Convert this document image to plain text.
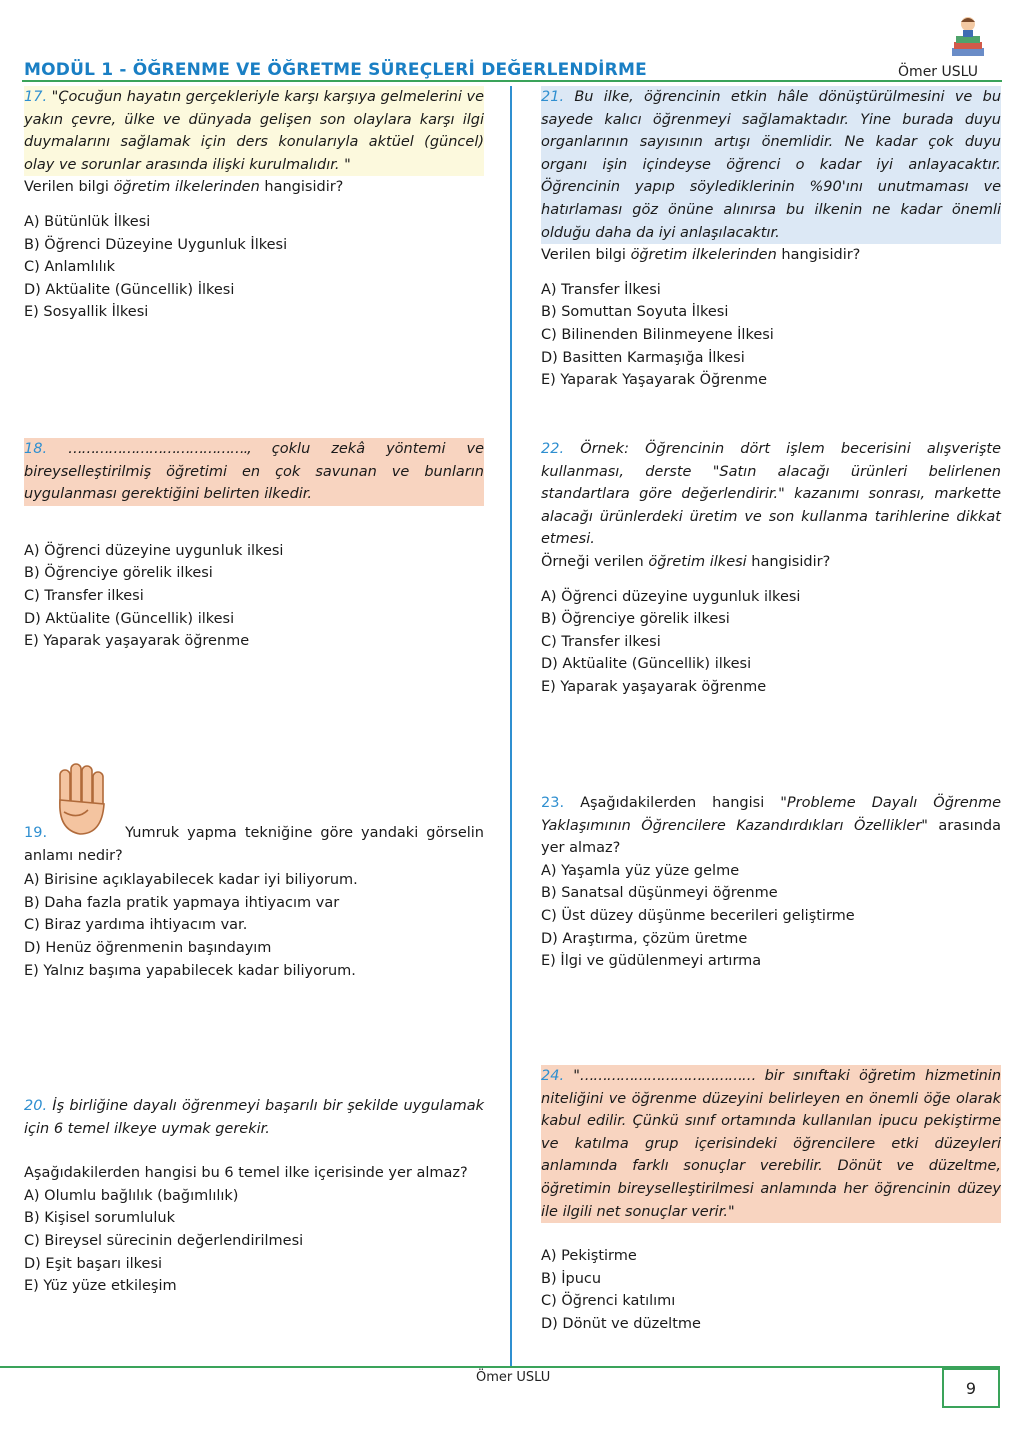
MODÜL 1 - ÖĞRENME VE ÖĞRETME SÜREÇLERİ DEĞERLENDİRME	Ömer USLU
17. "Çocuğun hayatın gerçekleriyle karşı karşıya gelmelerini ve yakın çevre, ülke ve dünyada gelişen son olaylara karşı ilgi duymalarını sağlamak için ders konularıyla aktüel (güncel) olay ve sorunlar arasında ilişki kurulmalıdır. "
Verilen bilgi öğretim ilkelerinden hangisidir?
A) Bütünlük İlkesi
B) Öğrenci Düzeyine Uygunluk İlkesi
C) Anlamlılık
D) Aktüalite (Güncellik) İlkesi
E) Sosyallik İlkesi
18. …………………………………., çoklu zekâ yöntemi ve bireyselleştirilmiş öğretimi en çok savunan ve bunların uygulanması gerektiğini belirten ilkedir.
A) Öğrenci düzeyine uygunluk ilkesi
B) Öğrenciye görelik ilkesi
C) Transfer ilkesi
D) Aktüalite (Güncellik) ilkesi
E) Yaparak yaşayarak öğrenme
19.	Yumruk yapma tekniğine göre yandaki görselin anlamı nedir?
A) Birisine açıklayabilecek kadar iyi biliyorum.
B) Daha fazla pratik yapmaya ihtiyacım var
C) Biraz yardıma ihtiyacım var.
D) Henüz öğrenmenin başındayım
E) Yalnız başıma yapabilecek kadar biliyorum.
20. İş birliğine dayalı öğrenmeyi başarılı bir şekilde uygulamak için 6 temel ilkeye uymak gerekir.
Aşağıdakilerden hangisi bu 6 temel ilke içerisinde yer almaz?
A) Olumlu bağlılık (bağımlılık)
B) Kişisel sorumluluk
C) Bireysel sürecinin değerlendirilmesi
D) Eşit başarı ilkesi
E) Yüz yüze etkileşim
21. Bu ilke, öğrencinin etkin hâle dönüştürülmesini ve bu sayede kalıcı öğrenmeyi sağlamaktadır. Yine burada duyu organlarının sayısının artışı önemlidir. Ne kadar çok duyu organı işin içindeyse öğrenci o kadar iyi anlayacaktır. Öğrencinin yapıp söylediklerinin %90'ını unutmaması ve hatırlaması göz önüne alınırsa bu ilkenin ne kadar önemli olduğu daha da iyi anlaşılacaktır.
Verilen bilgi öğretim ilkelerinden hangisidir?
A) Transfer İlkesi
B) Somuttan Soyuta İlkesi
C) Bilinenden Bilinmeyene İlkesi
D) Basitten Karmaşığa İlkesi
E) Yaparak Yaşayarak Öğrenme
22. Örnek: Öğrencinin dört işlem becerisini alışverişte kullanması, derste "Satın alacağı ürünleri belirlenen standartlara göre değerlendirir." kazanımı sonrası, markette alacağı ürünlerdeki üretim ve son kullanma tarihlerine dikkat etmesi.
Örneği verilen öğretim ilkesi hangisidir?
A) Öğrenci düzeyine uygunluk ilkesi
B) Öğrenciye görelik ilkesi
C) Transfer ilkesi
D) Aktüalite (Güncellik) ilkesi
E) Yaparak yaşayarak öğrenme
23. Aşağıdakilerden hangisi "Probleme Dayalı Öğrenme Yaklaşımının Öğrencilere Kazandırdıkları Özellikler" arasında yer almaz?
A) Yaşamla yüz yüze gelme
B) Sanatsal düşünmeyi öğrenme
C) Üst düzey düşünme becerileri geliştirme
D) Araştırma, çözüm üretme
E) İlgi ve güdülenmeyi artırma
24. "………………………………… bir sınıftaki öğretim hizmetinin niteliğini ve öğrenme düzeyini belirleyen en önemli öğe olarak kabul edilir. Çünkü sınıf ortamında kullanılan ipucu pekiştirme ve katılma grup içerisindeki öğrencilere etki düzeyleri anlamında farklı sonuçlar verebilir. Dönüt ve düzeltme, öğretimin bireyselleştirilmesi anlamında her öğrencinin düzey ile ilgili net sonuçlar verir."
A) Pekiştirme
B) İpucu
C) Öğrenci katılımı
D) Dönüt ve düzeltme
Ömer USLU
9
